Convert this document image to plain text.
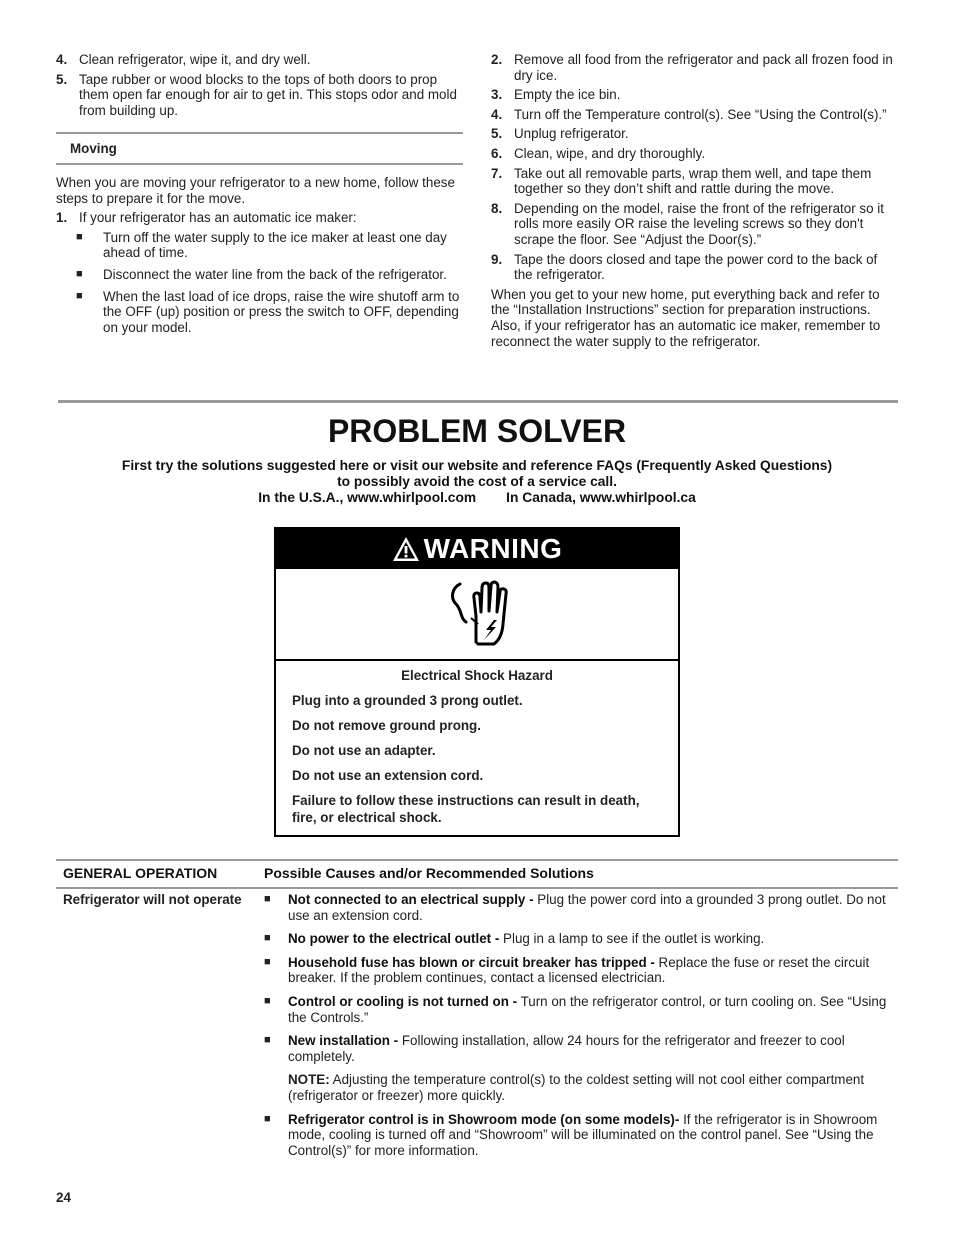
4. Clean refrigerator, wipe it, and dry well.
5. Tape rubber or wood blocks to the tops of both doors to prop them open far enough for air to get in. This stops odor and mold from building up.
Moving
When you are moving your refrigerator to a new home, follow these steps to prepare it for the move.
1. If your refrigerator has an automatic ice maker:
■	Turn off the water supply to the ice maker at least one day ahead of time.
■	Disconnect the water line from the back of the refrigerator.
■	When the last load of ice drops, raise the wire shutoff arm to the OFF (up) position or press the switch to OFF, depending on your model.
2. Remove all food from the refrigerator and pack all frozen food in dry ice.
3. Empty the ice bin.
4. Turn off the Temperature control(s). See “Using the Control(s).”
5. Unplug refrigerator.
6. Clean, wipe, and dry thoroughly.
7. Take out all removable parts, wrap them well, and tape them together so they don’t shift and rattle during the move.
8. Depending on the model, raise the front of the refrigerator so it rolls more easily OR raise the leveling screws so they don't scrape the floor. See “Adjust the Door(s).”
9. Tape the doors closed and tape the power cord to the back of the refrigerator.
When you get to your new home, put everything back and refer to the “Installation Instructions” section for preparation instructions. Also, if your refrigerator has an automatic ice maker, remember to reconnect the water supply to the refrigerator.
PROBLEM SOLVER
First try the solutions suggested here or visit our website and reference FAQs (Frequently Asked Questions)
to possibly avoid the cost of a service call.
In the U.S.A., www.whirlpool.com In Canada, www.whirlpool.ca
WARNING
Electrical Shock Hazard
Plug into a grounded 3 prong outlet.
Do not remove ground prong.
Do not use an adapter.
Do not use an extension cord.
Failure to follow these instructions can result in death, fire, or electrical shock.
GENERAL OPERATION	Possible Causes and/or Recommended Solutions
Refrigerator will not operate	■	Not connected to an electrical supply - Plug the power cord into a grounded 3 prong outlet. Do not use an extension cord.
■	No power to the electrical outlet - Plug in a lamp to see if the outlet is working.
■	Household fuse has blown or circuit breaker has tripped - Replace the fuse or reset the circuit breaker. If the problem continues, contact a licensed electrician.
■	Control or cooling is not turned on - Turn on the refrigerator control, or turn cooling on. See “Using the Controls.”
■	New installation - Following installation, allow 24 hours for the refrigerator and freezer to cool completely.
NOTE: Adjusting the temperature control(s) to the coldest setting will not cool either compartment (refrigerator or freezer) more quickly.
■	Refrigerator control is in Showroom mode (on some models)- If the refrigerator is in Showroom mode, cooling is turned off and “Showroom” will be illuminated on the control panel. See “Using the Control(s)” for more information.
24
